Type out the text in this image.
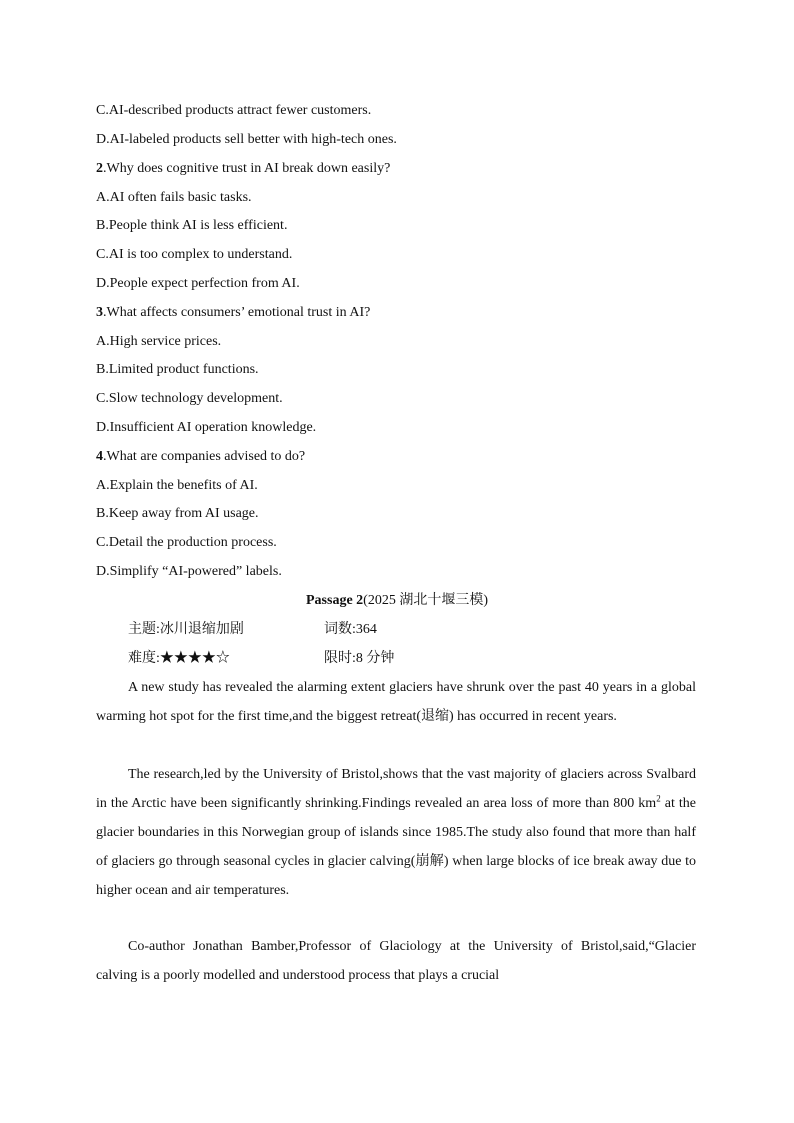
C.AI-described products attract fewer customers.
D.AI-labeled products sell better with high-tech ones.
2.Why does cognitive trust in AI break down easily?
A.AI often fails basic tasks.
B.People think AI is less efficient.
C.AI is too complex to understand.
D.People expect perfection from AI.
3.What affects consumers’ emotional trust in AI?
A.High service prices.
B.Limited product functions.
C.Slow technology development.
D.Insufficient AI operation knowledge.
4.What are companies advised to do?
A.Explain the benefits of AI.
B.Keep away from AI usage.
C.Detail the production process.
D.Simplify “AI-powered” labels.
Passage 2(2025 湖北十堰三模)
主题:冰川退缩加剧	词数:364
难度:★★★★☆	限时:8 分钟
A new study has revealed the alarming extent glaciers have shrunk over the past 40 years in a global warming hot spot for the first time,and the biggest retreat(退缩) has occurred in recent years.
The research,led by the University of Bristol,shows that the vast majority of glaciers across Svalbard in the Arctic have been significantly shrinking.Findings revealed an area loss of more than 800 $km^2$ at the glacier boundaries in this Norwegian group of islands since 1985.The study also found that more than half of glaciers go through seasonal cycles in glacier calving(崩解) when large blocks of ice break away due to higher ocean and air temperatures.
Co-author Jonathan Bamber,Professor of Glaciology at the University of Bristol,said,“Glacier calving is a poorly modelled and understood process that plays a crucial
